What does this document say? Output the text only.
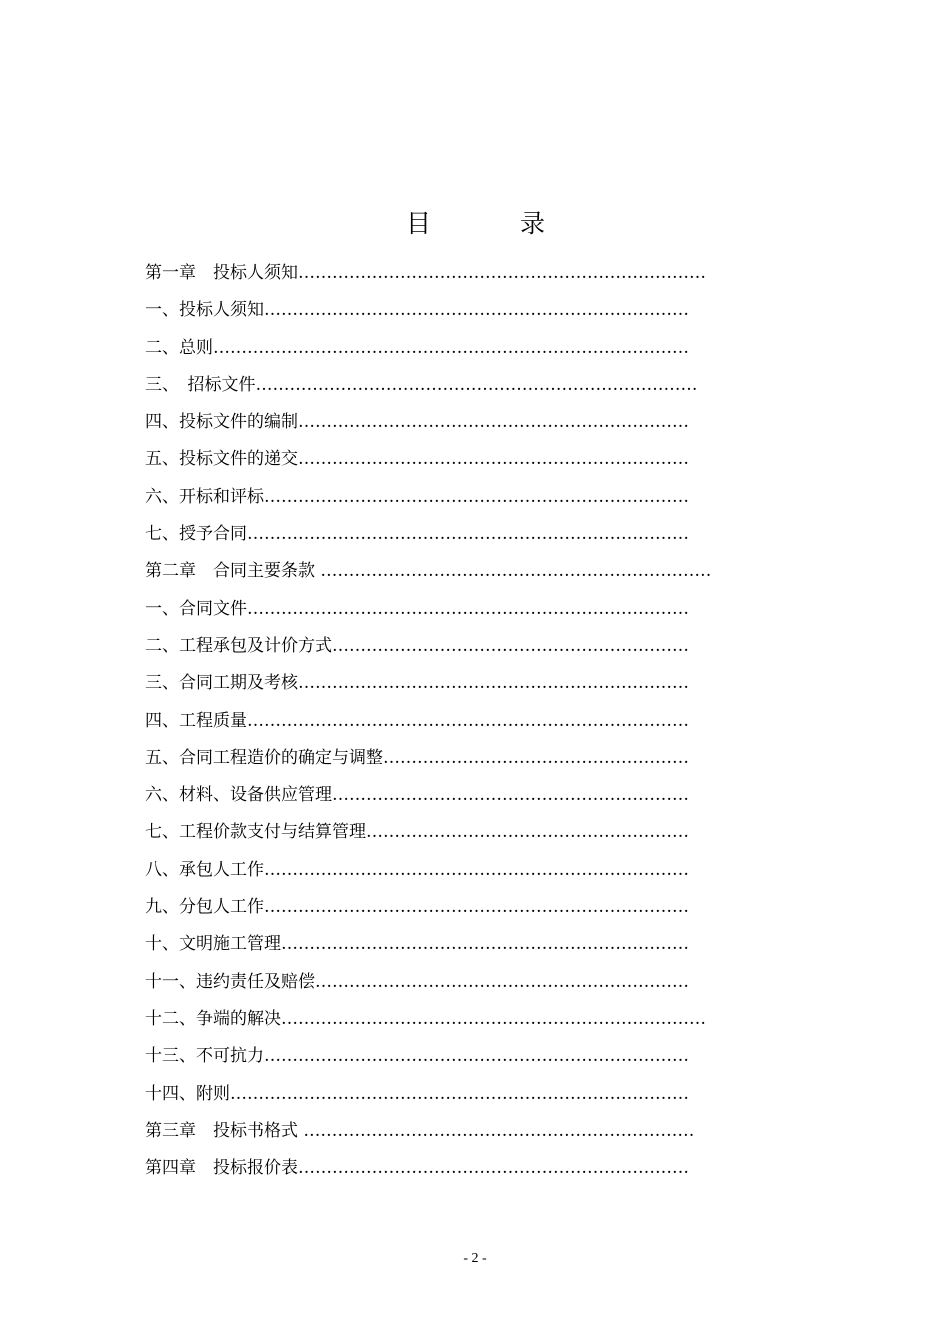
目	录
第一章　投标人须知………………………………………………………………
一、投标人须知…………………………………………………………………
二、总则…………………………………………………………………………
三、　招标文件……………………………………………………………………
四、投标文件的编制……………………………………………………………
五、投标文件的递交……………………………………………………………
六、开标和评标…………………………………………………………………
七、授予合同……………………………………………………………………
第二章　合同主要条款 ……………………………………………………………
一、合同文件……………………………………………………………………
二、工程承包及计价方式………………………………………………………
三、合同工期及考核……………………………………………………………
四、工程质量……………………………………………………………………
五、合同工程造价的确定与调整………………………………………………
六、材料、设备供应管理………………………………………………………
七、工程价款支付与结算管理…………………………………………………
八、承包人工作…………………………………………………………………
九、分包人工作…………………………………………………………………
十、文明施工管理………………………………………………………………
十一、违约责任及赔偿…………………………………………………………
十二、争端的解决…………………………………………………………………
十三、不可抗力…………………………………………………………………
十四、附则………………………………………………………………………
第三章　投标书格式 ……………………………………………………………
第四章　投标报价表……………………………………………………………
- 2 -
